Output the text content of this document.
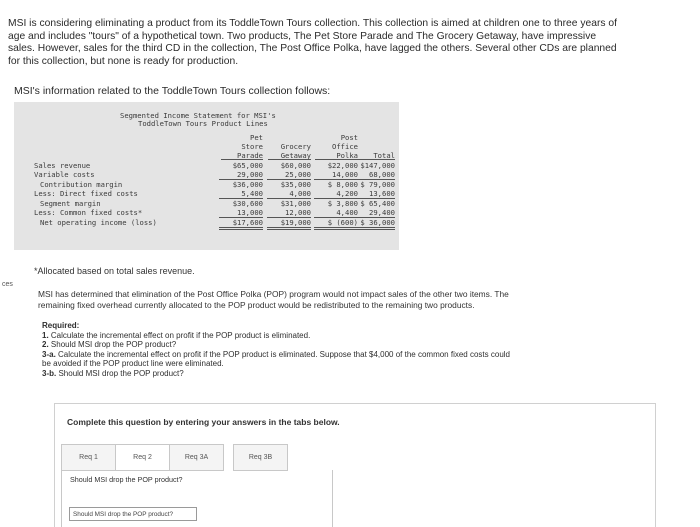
MSI is considering eliminating a product from its ToddleTown Tours collection. This collection is aimed at children one to three years of
age and includes "tours" of a hypothetical town. Two products, The Pet Store Parade and The Grocery Getaway, have impressive
sales. However, sales for the third CD in the collection, The Post Office Polka, have lagged the others. Several other CDs are planned
for this collection, but none is ready for production.
MSI's information related to the ToddleTown Tours collection follows:
Segmented Income Statement for MSI's
ToddleTown Tours Product Lines
Pet
Store
Parade
Grocery
Getaway
Post
Office
Polka	Total
Sales revenue	$65,000	$60,000	$22,000 $147,000
Variable costs	29,000	25,000	14,000	68,000
Contribution margin	$36,000	$35,000	$ 8,000 $ 79,000
Less: Direct fixed costs	5,400	4,000	4,200	13,600
Segment margin	$30,600	$31,000	$ 3,800 $ 65,400
Less: Common fixed costs*	13,000	12,000	4,400	29,400
Net operating income (loss)	$17,600	$19,000	$ (600) $ 36,000
*Allocated based on total sales revenue.
ces
MSI has determined that elimination of the Post Office Polka (POP) program would not impact sales of the other two items. The
remaining fixed overhead currently allocated to the POP product would be redistributed to the remaining two products.
Required:
1. Calculate the incremental effect on profit if the POP product is eliminated.
2. Should MSI drop the POP product?
3-a. Calculate the incremental effect on profit if the POP product is eliminated. Suppose that $4,000 of the common fixed costs could
be avoided if the POP product line were eliminated.
3-b. Should MSI drop the POP product?
Complete this question by entering your answers in the tabs below.
Req 1	Req 2	Req 3A	Req 3B
Should MSI drop the POP product?
Should MSI drop the POP product?
